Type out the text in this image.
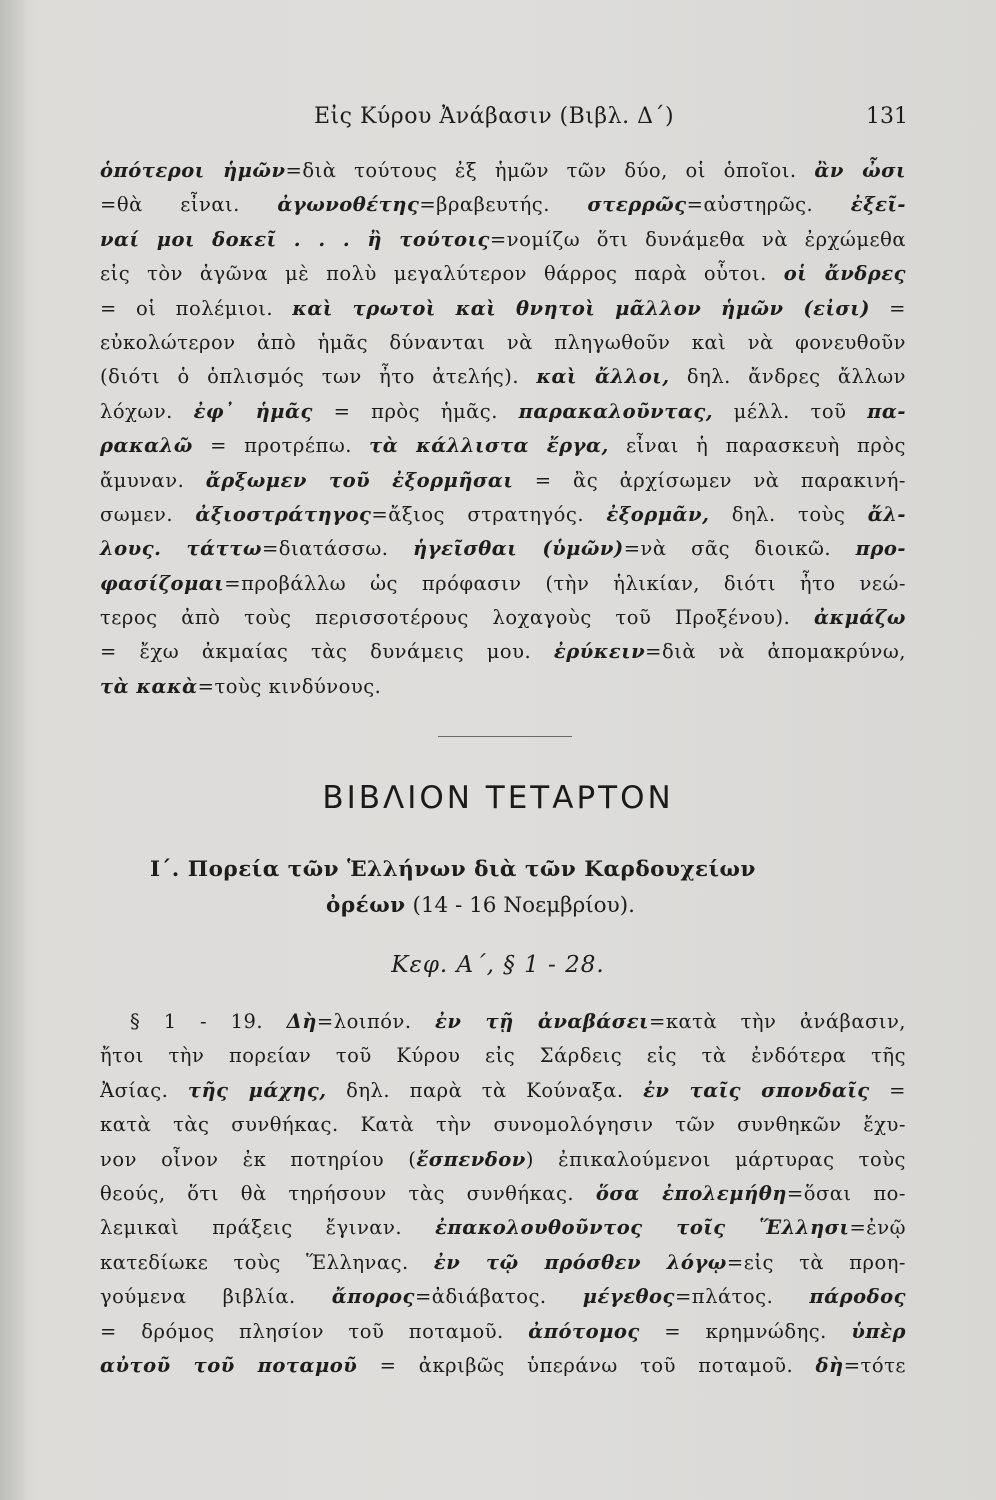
Εἰς Κύρου Ἀνάβασιν (Βιβλ. Δ΄)	131
ὁπότεροι ἡμῶν=διὰ τούτους ἐξ ἡμῶν τῶν δύο, οἱ ὁποῖοι. ἂν ὦσι
=θὰ εἶναι. ἀγωνοθέτης=βραβευτής. στερρῶς=αὐστηρῶς. ἐξεῖ-
ναί μοι δοκεῖ . . . ἢ τούτοις=νομίζω ὅτι δυνάμεθα νὰ ἐρχώμεθα
εἰς τὸν ἀγῶνα μὲ πολὺ μεγαλύτερον θάρρος παρὰ οὗτοι. οἱ ἄνδρες
= οἱ πολέμιοι. καὶ τρωτοὶ καὶ θνητοὶ μᾶλλον ἡμῶν (εἰσι) =
εὐκολώτερον ἀπὸ ἡμᾶς δύνανται νὰ πληγωθοῦν καὶ νὰ φονευθοῦν
(διότι ὁ ὁπλισμός των ἦτο ἀτελής). καὶ ἄλλοι, δηλ. ἄνδρες ἄλλων
λόχων. ἐφ᾽ ἡμᾶς = πρὸς ἡμᾶς. παρακαλοῦντας, μέλλ. τοῦ πα-
ρακαλῶ = προτρέπω. τὰ κάλλιστα ἔργα, εἶναι ἡ παρασκευὴ πρὸς
ἄμυναν. ἄρξωμεν τοῦ ἐξορμῆσαι = ἂς ἀρχίσωμεν νὰ παρακινή-
σωμεν. ἀξιοστράτηγος=ἄξιος στρατηγός. ἐξορμᾶν, δηλ. τοὺς ἄλ-
λους. τάττω=διατάσσω. ἡγεῖσθαι (ὑμῶν)=νὰ σᾶς διοικῶ. προ-
φασίζομαι=προβάλλω ὡς πρόφασιν (τὴν ἡλικίαν, διότι ἦτο νεώ-
τερος ἀπὸ τοὺς περισσοτέρους λοχαγοὺς τοῦ Προξένου). ἀκμάζω
= ἔχω ἀκμαίας τὰς δυνάμεις μου. ἐρύκειν=διὰ νὰ ἀπομακρύνω,
τὰ κακὰ=τοὺς κινδύνους.
ΒΙΒΛΙΟΝ ΤΕΤΑΡΤΟΝ
Ι΄. Πορεία τῶν Ἑλλήνων διὰ τῶν Καρδουχείων
ὀρέων (14 - 16 Νοεμβρίου).
Κεφ. Α΄, § 1 - 28.
§ 1 - 19. Δὴ=λοιπόν. ἐν τῇ ἀναβάσει=κατὰ τὴν ἀνάβασιν,
ἤτοι τὴν πορείαν τοῦ Κύρου εἰς Σάρδεις εἰς τὰ ἐνδότερα τῆς
Ἀσίας. τῆς μάχης, δηλ. παρὰ τὰ Κούναξα. ἐν ταῖς σπονδαῖς =
κατὰ τὰς συνθήκας. Κατὰ τὴν συνομολόγησιν τῶν συνθηκῶν ἔχυ-
νον οἶνον ἐκ ποτηρίου (ἔσπενδον) ἐπικαλούμενοι μάρτυρας τοὺς
θεούς, ὅτι θὰ τηρήσουν τὰς συνθήκας. ὅσα ἐπολεμήθη=ὅσαι πο-
λεμικαὶ πράξεις ἔγιναν. ἐπακολουθοῦντος τοῖς Ἕλλησι=ἐνῷ
κατεδίωκε τοὺς Ἕλληνας. ἐν τῷ πρόσθεν λόγῳ=εἰς τὰ προη-
γούμενα βιβλία. ἄπορος=ἀδιάβατος. μέγεθος=πλάτος. πάροδος
= δρόμος πλησίον τοῦ ποταμοῦ. ἀπότομος = κρημνώδης. ὑπὲρ
αὐτοῦ τοῦ ποταμοῦ = ἀκριβῶς ὑπεράνω τοῦ ποταμοῦ. δὴ=τότε
